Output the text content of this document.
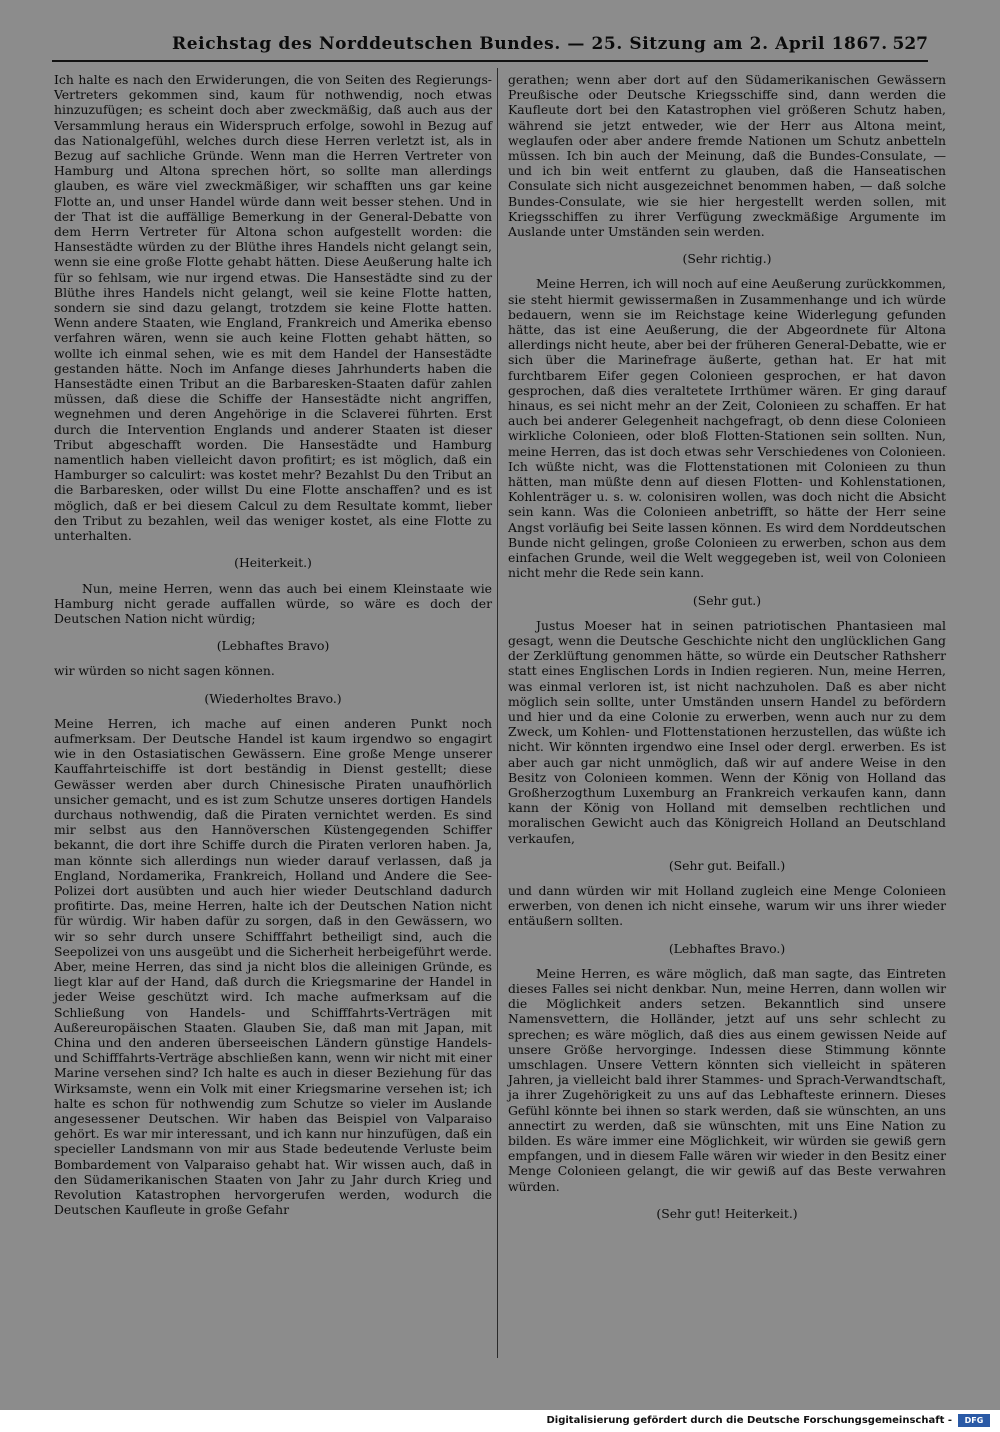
Reichstag des Norddeutschen Bundes. — 25. Sitzung am 2. April 1867. 527

Ich halte es nach den Erwiderungen, die von Seiten des Regierungs-Vertreters gekommen sind, kaum für nothwendig, noch etwas hinzuzufügen; es scheint doch aber zweckmäßig, daß auch aus der Versammlung heraus ein Widerspruch erfolge, sowohl in Bezug auf das Nationalgefühl, welches durch diese Herren verletzt ist, als in Bezug auf sachliche Gründe. Wenn man die Herren Vertreter von Hamburg und Altona sprechen hört, so sollte man allerdings glauben, es wäre viel zweckmäßiger, wir schafften uns gar keine Flotte an, und unser Handel würde dann weit besser stehen. Und in der That ist die auffällige Bemerkung in der General-Debatte von dem Herrn Vertreter für Altona schon aufgestellt worden: die Hansestädte würden zu der Blüthe ihres Handels nicht gelangt sein, wenn sie eine große Flotte gehabt hätten. Diese Aeußerung halte ich für so fehlsam, wie nur irgend etwas. Die Hansestädte sind zu der Blüthe ihres Handels nicht gelangt, weil sie keine Flotte hatten, sondern sie sind dazu gelangt, trotzdem sie keine Flotte hatten. Wenn andere Staaten, wie England, Frankreich und Amerika ebenso verfahren wären, wenn sie auch keine Flotten gehabt hätten, so wollte ich einmal sehen, wie es mit dem Handel der Hansestädte gestanden hätte. Noch im Anfange dieses Jahrhunderts haben die Hansestädte einen Tribut an die Barbaresken-Staaten dafür zahlen müssen, daß diese die Schiffe der Hansestädte nicht angriffen, wegnehmen und deren Angehörige in die Sclaverei führten. Erst durch die Intervention Englands und anderer Staaten ist dieser Tribut abgeschafft worden. Die Hansestädte und Hamburg namentlich haben vielleicht davon profitirt; es ist möglich, daß ein Hamburger so calculirt: was kostet mehr? Bezahlst Du den Tribut an die Barbaresken, oder willst Du eine Flotte anschaffen? und es ist möglich, daß er bei diesem Calcul zu dem Resultate kommt, lieber den Tribut zu bezahlen, weil das weniger kostet, als eine Flotte zu unterhalten.

(Heiterkeit.)

Nun, meine Herren, wenn das auch bei einem Kleinstaate wie Hamburg nicht gerade auffallen würde, so wäre es doch der Deutschen Nation nicht würdig;

(Lebhaftes Bravo)

wir würden so nicht sagen können.

(Wiederholtes Bravo.)

Meine Herren, ich mache auf einen anderen Punkt noch aufmerksam. Der Deutsche Handel ist kaum irgendwo so engagirt wie in den Ostasiatischen Gewässern. Eine große Menge unserer Kauffahrteischiffe ist dort beständig in Dienst gestellt; diese Gewässer werden aber durch Chinesische Piraten unaufhörlich unsicher gemacht, und es ist zum Schutze unseres dortigen Handels durchaus nothwendig, daß die Piraten vernichtet werden. Es sind mir selbst aus den Hannöverschen Küstengegenden Schiffer bekannt, die dort ihre Schiffe durch die Piraten verloren haben. Ja, man könnte sich allerdings nun wieder darauf verlassen, daß ja England, Nordamerika, Frankreich, Holland und Andere die See-Polizei dort ausübten und auch hier wieder Deutschland dadurch profitirte. Das, meine Herren, halte ich der Deutschen Nation nicht für würdig. Wir haben dafür zu sorgen, daß in den Gewässern, wo wir so sehr durch unsere Schifffahrt betheiligt sind, auch die Seepolizei von uns ausgeübt und die Sicherheit herbeigeführt werde. Aber, meine Herren, das sind ja nicht blos die alleinigen Gründe, es liegt klar auf der Hand, daß durch die Kriegsmarine der Handel in jeder Weise geschützt wird. Ich mache aufmerksam auf die Schließung von Handels- und Schifffahrts-Verträgen mit Außereuropäischen Staaten. Glauben Sie, daß man mit Japan, mit China und den anderen überseeischen Ländern günstige Handels- und Schifffahrts-Verträge abschließen kann, wenn wir nicht mit einer Marine versehen sind? Ich halte es auch in dieser Beziehung für das Wirksamste, wenn ein Volk mit einer Kriegsmarine versehen ist; ich halte es schon für nothwendig zum Schutze so vieler im Auslande angesessener Deutschen. Wir haben das Beispiel von Valparaiso gehört. Es war mir interessant, und ich kann nur hinzufügen, daß ein specieller Landsmann von mir aus Stade bedeutende Verluste beim Bombardement von Valparaiso gehabt hat. Wir wissen auch, daß in den Südamerikanischen Staaten von Jahr zu Jahr durch Krieg und Revolution Katastrophen hervorgerufen werden, wodurch die Deutschen Kaufleute in große Gefahr

gerathen; wenn aber dort auf den Südamerikanischen Gewässern Preußische oder Deutsche Kriegsschiffe sind, dann werden die Kaufleute dort bei den Katastrophen viel größeren Schutz haben, während sie jetzt entweder, wie der Herr aus Altona meint, weglaufen oder aber andere fremde Nationen um Schutz anbetteln müssen. Ich bin auch der Meinung, daß die Bundes-Consulate, — und ich bin weit entfernt zu glauben, daß die Hanseatischen Consulate sich nicht ausgezeichnet benommen haben, — daß solche Bundes-Consulate, wie sie hier hergestellt werden sollen, mit Kriegsschiffen zu ihrer Verfügung zweckmäßige Argumente im Auslande unter Umständen sein werden.

(Sehr richtig.)

Meine Herren, ich will noch auf eine Aeußerung zurückkommen, sie steht hiermit gewissermaßen in Zusammenhange und ich würde bedauern, wenn sie im Reichstage keine Widerlegung gefunden hätte, das ist eine Aeußerung, die der Abgeordnete für Altona allerdings nicht heute, aber bei der früheren General-Debatte, wie er sich über die Marinefrage äußerte, gethan hat. Er hat mit furchtbarem Eifer gegen Colonieen gesprochen, er hat davon gesprochen, daß dies veraltetete Irrthümer wären. Er ging darauf hinaus, es sei nicht mehr an der Zeit, Colonieen zu schaffen. Er hat auch bei anderer Gelegenheit nachgefragt, ob denn diese Colonieen wirkliche Colonieen, oder bloß Flotten-Stationen sein sollten. Nun, meine Herren, das ist doch etwas sehr Verschiedenes von Colonieen. Ich wüßte nicht, was die Flottenstationen mit Colonieen zu thun hätten, man müßte denn auf diesen Flotten- und Kohlenstationen, Kohlenträger u. s. w. colonisiren wollen, was doch nicht die Absicht sein kann. Was die Colonieen anbetrifft, so hätte der Herr seine Angst vorläufig bei Seite lassen können. Es wird dem Norddeutschen Bunde nicht gelingen, große Colonieen zu erwerben, schon aus dem einfachen Grunde, weil die Welt weggegeben ist, weil von Colonieen nicht mehr die Rede sein kann.

(Sehr gut.)

Justus Moeser hat in seinen patriotischen Phantasieen mal gesagt, wenn die Deutsche Geschichte nicht den unglücklichen Gang der Zerklüftung genommen hätte, so würde ein Deutscher Rathsherr statt eines Englischen Lords in Indien regieren. Nun, meine Herren, was einmal verloren ist, ist nicht nachzuholen. Daß es aber nicht möglich sein sollte, unter Umständen unsern Handel zu befördern und hier und da eine Colonie zu erwerben, wenn auch nur zu dem Zweck, um Kohlen- und Flottenstationen herzustellen, das wüßte ich nicht. Wir könnten irgendwo eine Insel oder dergl. erwerben. Es ist aber auch gar nicht unmöglich, daß wir auf andere Weise in den Besitz von Colonieen kommen. Wenn der König von Holland das Großherzogthum Luxemburg an Frankreich verkaufen kann, dann kann der König von Holland mit demselben rechtlichen und moralischen Gewicht auch das Königreich Holland an Deutschland verkaufen,

(Sehr gut. Beifall.)

und dann würden wir mit Holland zugleich eine Menge Colonieen erwerben, von denen ich nicht einsehe, warum wir uns ihrer wieder entäußern sollten.

(Lebhaftes Bravo.)

Meine Herren, es wäre möglich, daß man sagte, das Eintreten dieses Falles sei nicht denkbar. Nun, meine Herren, dann wollen wir die Möglichkeit anders setzen. Bekanntlich sind unsere Namensvettern, die Holländer, jetzt auf uns sehr schlecht zu sprechen; es wäre möglich, daß dies aus einem gewissen Neide auf unsere Größe hervorginge. Indessen diese Stimmung könnte umschlagen. Unsere Vettern könnten sich vielleicht in späteren Jahren, ja vielleicht bald ihrer Stammes- und Sprach-Verwandtschaft, ja ihrer Zugehörigkeit zu uns auf das Lebhafteste erinnern. Dieses Gefühl könnte bei ihnen so stark werden, daß sie wünschten, an uns annectirt zu werden, daß sie wünschten, mit uns Eine Nation zu bilden. Es wäre immer eine Möglichkeit, wir würden sie gewiß gern empfangen, und in diesem Falle wären wir wieder in den Besitz einer Menge Colonieen gelangt, die wir gewiß auf das Beste verwahren würden.

(Sehr gut! Heiterkeit.)

Digitalisierung gefördert durch die Deutsche Forschungsgemeinschaft -	DFG
